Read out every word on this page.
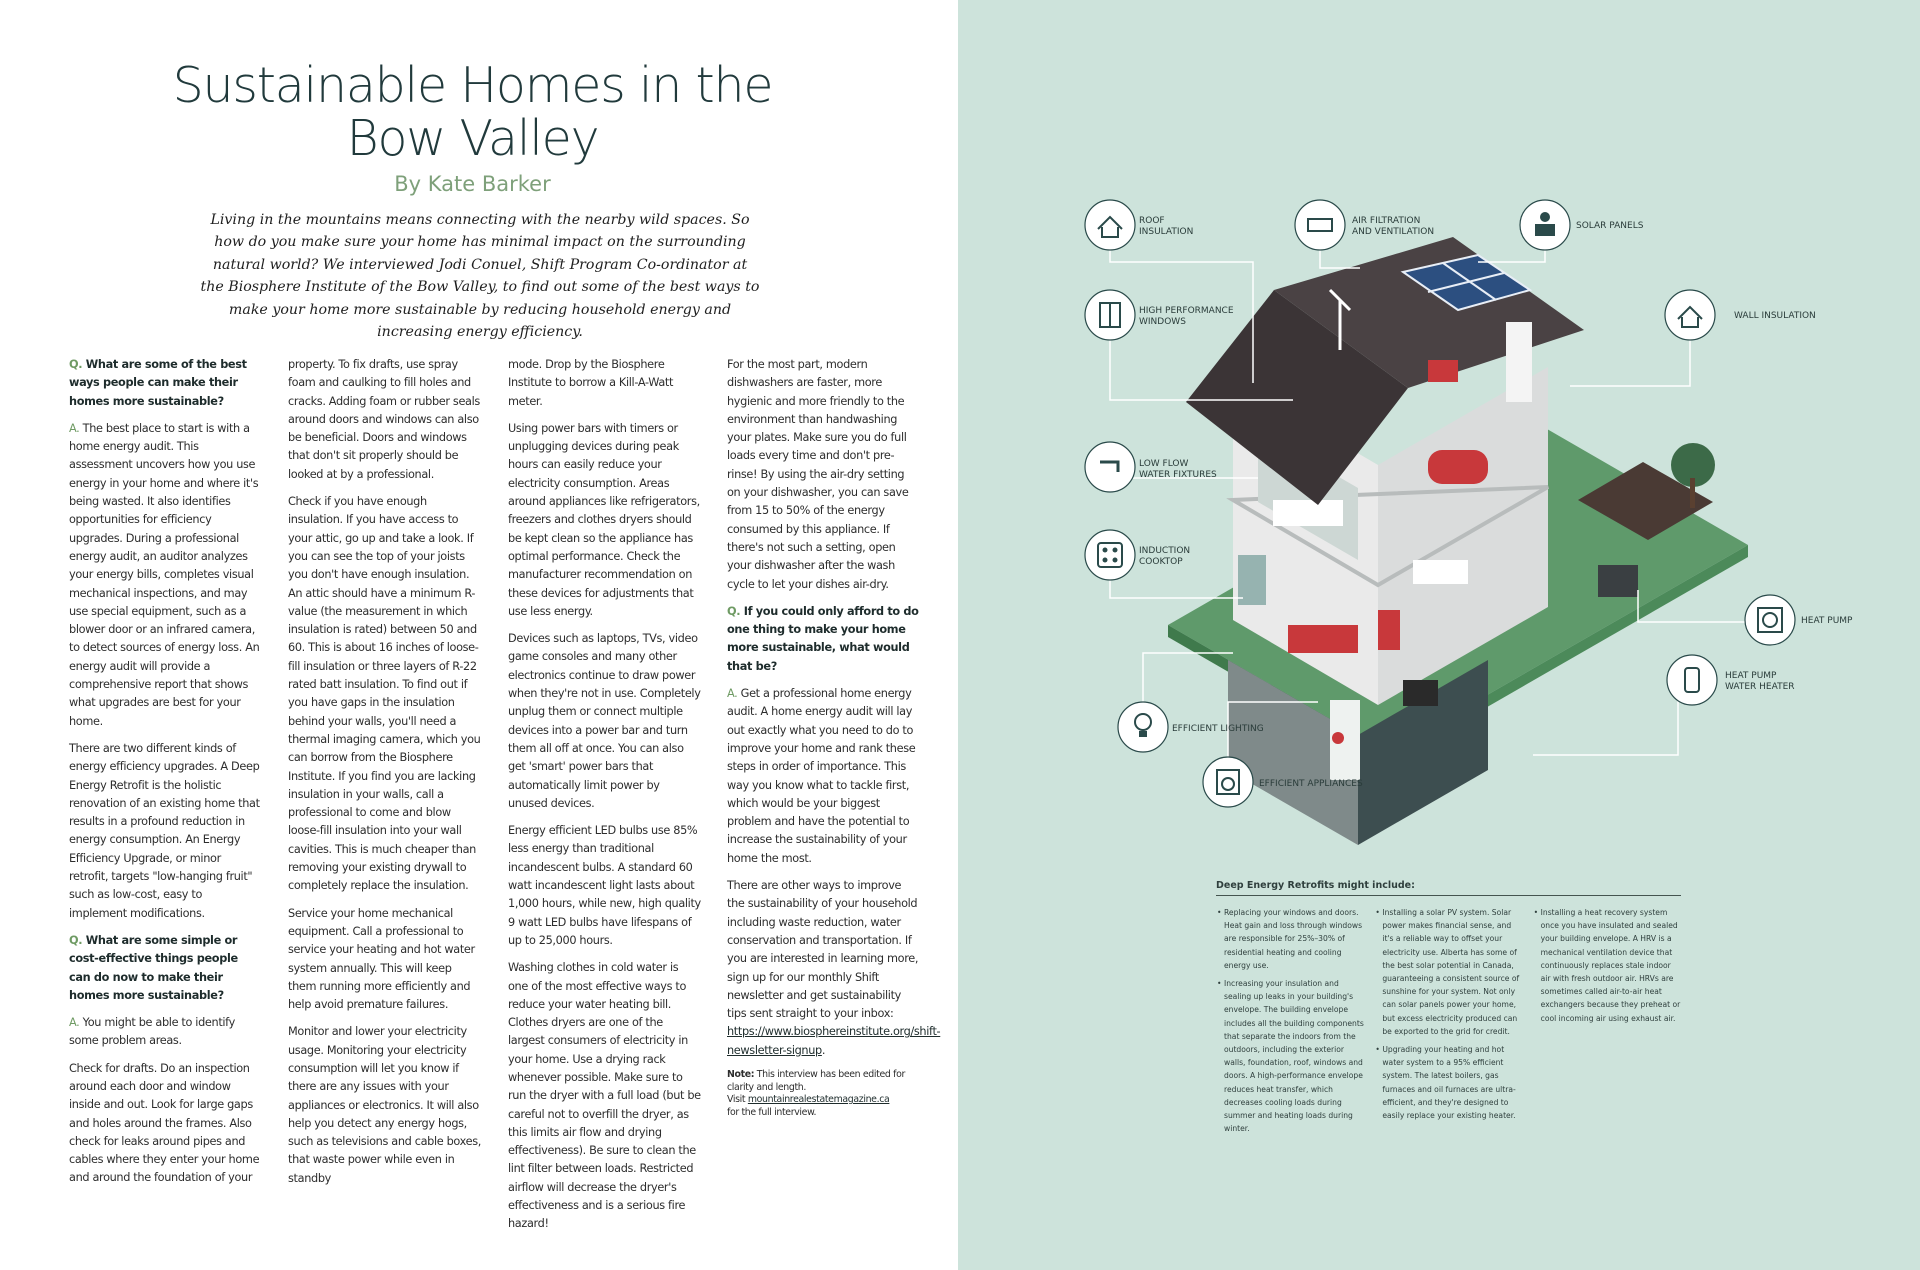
Sustainable Homes in the Bow Valley
By Kate Barker

Living in the mountains means connecting with the nearby wild spaces. So how do you make sure your home has minimal impact on the surrounding natural world? We interviewed Jodi Conuel, Shift Program Co-ordinator at the Biosphere Institute of the Bow Valley, to find out some of the best ways to make your home more sustainable by reducing household energy and increasing energy efficiency.

Q. What are some of the best ways people can make their homes more sustainable?

A. The best place to start is with a home energy audit. This assessment uncovers how you use energy in your home and where it's being wasted. It also identifies opportunities for efficiency upgrades. During a professional energy audit, an auditor analyzes your energy bills, completes visual mechanical inspections, and may use special equipment, such as a blower door or an infrared camera, to detect sources of energy loss. An energy audit will provide a comprehensive report that shows what upgrades are best for your home.

There are two different kinds of energy efficiency upgrades. A Deep Energy Retrofit is the holistic renovation of an existing home that results in a profound reduction in energy consumption. An Energy Efficiency Upgrade, or minor retrofit, targets "low-hanging fruit" such as low-cost, easy to implement modifications.

Q. What are some simple or cost-effective things people can do now to make their homes more sustainable?

A. You might be able to identify some problem areas.

Check for drafts. Do an inspection around each door and window inside and out. Look for large gaps and holes around the frames. Also check for leaks around pipes and cables where they enter your home and around the foundation of your

property. To fix drafts, use spray foam and caulking to fill holes and cracks. Adding foam or rubber seals around doors and windows can also be beneficial. Doors and windows that don't sit properly should be looked at by a professional.

Check if you have enough insulation. If you have access to your attic, go up and take a look. If you can see the top of your joists you don't have enough insulation. An attic should have a minimum R-value (the measurement in which insulation is rated) between 50 and 60. This is about 16 inches of loose-fill insulation or three layers of R-22 rated batt insulation. To find out if you have gaps in the insulation behind your walls, you'll need a thermal imaging camera, which you can borrow from the Biosphere Institute. If you find you are lacking insulation in your walls, call a professional to come and blow loose-fill insulation into your wall cavities. This is much cheaper than removing your existing drywall to completely replace the insulation.

Service your home mechanical equipment. Call a professional to service your heating and hot water system annually. This will keep them running more efficiently and help avoid premature failures.

Monitor and lower your electricity usage. Monitoring your electricity consumption will let you know if there are any issues with your appliances or electronics. It will also help you detect any energy hogs, such as televisions and cable boxes, that waste power while even in standby

mode. Drop by the Biosphere Institute to borrow a Kill-A-Watt meter.

Using power bars with timers or unplugging devices during peak hours can easily reduce your electricity consumption. Areas around appliances like refrigerators, freezers and clothes dryers should be kept clean so the appliance has optimal performance. Check the manufacturer recommendation on these devices for adjustments that use less energy.

Devices such as laptops, TVs, video game consoles and many other electronics continue to draw power when they're not in use. Completely unplug them or connect multiple devices into a power bar and turn them all off at once. You can also get 'smart' power bars that automatically limit power by unused devices.

Energy efficient LED bulbs use 85% less energy than traditional incandescent bulbs. A standard 60 watt incandescent light lasts about 1,000 hours, while new, high quality 9 watt LED bulbs have lifespans of up to 25,000 hours.

Washing clothes in cold water is one of the most effective ways to reduce your water heating bill. Clothes dryers are one of the largest consumers of electricity in your home. Use a drying rack whenever possible. Make sure to run the dryer with a full load (but be careful not to overfill the dryer, as this limits air flow and drying effectiveness). Be sure to clean the lint filter between loads. Restricted airflow will decrease the dryer's effectiveness and is a serious fire hazard!

For the most part, modern dishwashers are faster, more hygienic and more friendly to the environment than handwashing your plates. Make sure you do full loads every time and don't pre-rinse! By using the air-dry setting on your dishwasher, you can save from 15 to 50% of the energy consumed by this appliance. If there's not such a setting, open your dishwasher after the wash cycle to let your dishes air-dry.

Q. If you could only afford to do one thing to make your home more sustainable, what would that be?

A. Get a professional home energy audit. A home energy audit will lay out exactly what you need to do to improve your home and rank these steps in order of importance. This way you know what to tackle first, which would be your biggest problem and have the potential to increase the sustainability of your home the most.

There are other ways to improve the sustainability of your household including waste reduction, water conservation and transportation. If you are interested in learning more, sign up for our monthly Shift newsletter and get sustainability tips sent straight to your inbox: https://www.biosphereinstitute.org/shift-newsletter-signup.

Note: This interview has been edited for clarity and length.
Visit mountainrealestatemagazine.ca
for the full interview.

ROOF
INSULATION
AIR FILTRATION
AND VENTILATION
SOLAR PANELS
HIGH PERFORMANCE
WINDOWS
WALL INSULATION
LOW FLOW
WATER FIXTURES
INDUCTION
COOKTOP
HEAT PUMP
HEAT PUMP
WATER HEATER
EFFICIENT LIGHTING
EFFICIENT APPLIANCES
Deep Energy Retrofits might include:

• Replacing your windows and doors. Heat gain and loss through windows are responsible for 25%–30% of residential heating and cooling energy use.

• Increasing your insulation and sealing up leaks in your building's envelope. The building envelope includes all the building components that separate the indoors from the outdoors, including the exterior walls, foundation, roof, windows and doors. A high-performance envelope reduces heat transfer, which decreases cooling loads during summer and heating loads during winter.

• Installing a solar PV system. Solar power makes financial sense, and it's a reliable way to offset your electricity use. Alberta has some of the best solar potential in Canada, guaranteeing a consistent source of sunshine for your system. Not only can solar panels power your home, but excess electricity produced can be exported to the grid for credit.

• Upgrading your heating and hot water system to a 95% efficient system. The latest boilers, gas furnaces and oil furnaces are ultra-efficient, and they're designed to easily replace your existing heater.

• Installing a heat recovery system once you have insulated and sealed your building envelope. A HRV is a mechanical ventilation device that continuously replaces stale indoor air with fresh outdoor air. HRVs are sometimes called air-to-air heat exchangers because they preheat or cool incoming air using exhaust air.
